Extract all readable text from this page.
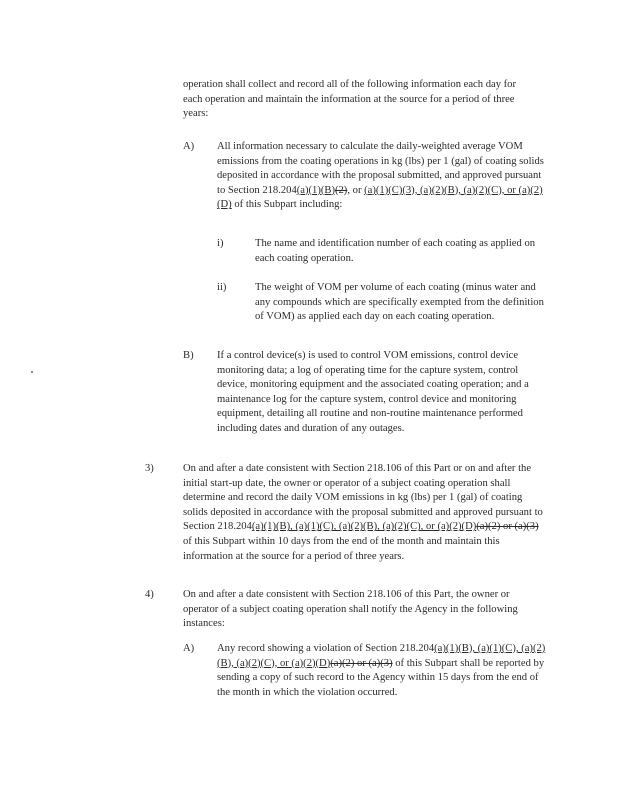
operation shall collect and record all of the following information each day for each operation and maintain the information at the source for a period of three years:

A) All information necessary to calculate the daily-weighted average VOM emissions from the coating operations in kg (lbs) per 1 (gal) of coating solids deposited in accordance with the proposal submitted, and approved pursuant to Section 218.204(a)(1)(B)(2), or (a)(1)(C)(3), (a)(2)(B), (a)(2)(C), or (a)(2)(D) of this Subpart including:

i)	The name and identification number of each coating as applied on each coating operation.

ii)	The weight of VOM per volume of each coating (minus water and any compounds which are specifically exempted from the definition of VOM) as applied each day on each coating operation.

B) If a control device(s) is used to control VOM emissions, control device monitoring data; a log of operating time for the capture system, control device, monitoring equipment and the associated coating operation; and a maintenance log for the capture system, control device and monitoring equipment, detailing all routine and non-routine maintenance performed including dates and duration of any outages.

3)	On and after a date consistent with Section 218.106 of this Part or on and after the initial start-up date, the owner or operator of a subject coating operation shall determine and record the daily VOM emissions in kg (lbs) per 1 (gal) of coating solids deposited in accordance with the proposal submitted and approved pursuant to Section 218.204(a)(1)(B), (a)(1)(C), (a)(2)(B), (a)(2)(C), or (a)(2)(D)(a)(2) or (a)(3) of this Subpart within 10 days from the end of the month and maintain this information at the source for a period of three years.

4)	On and after a date consistent with Section 218.106 of this Part, the owner or operator of a subject coating operation shall notify the Agency in the following instances:

A) Any record showing a violation of Section 218.204(a)(1)(B), (a)(1)(C), (a)(2)(B), (a)(2)(C), or (a)(2)(D)(a)(2) or (a)(3) of this Subpart shall be reported by sending a copy of such record to the Agency within 15 days from the end of the month in which the violation occurred.
